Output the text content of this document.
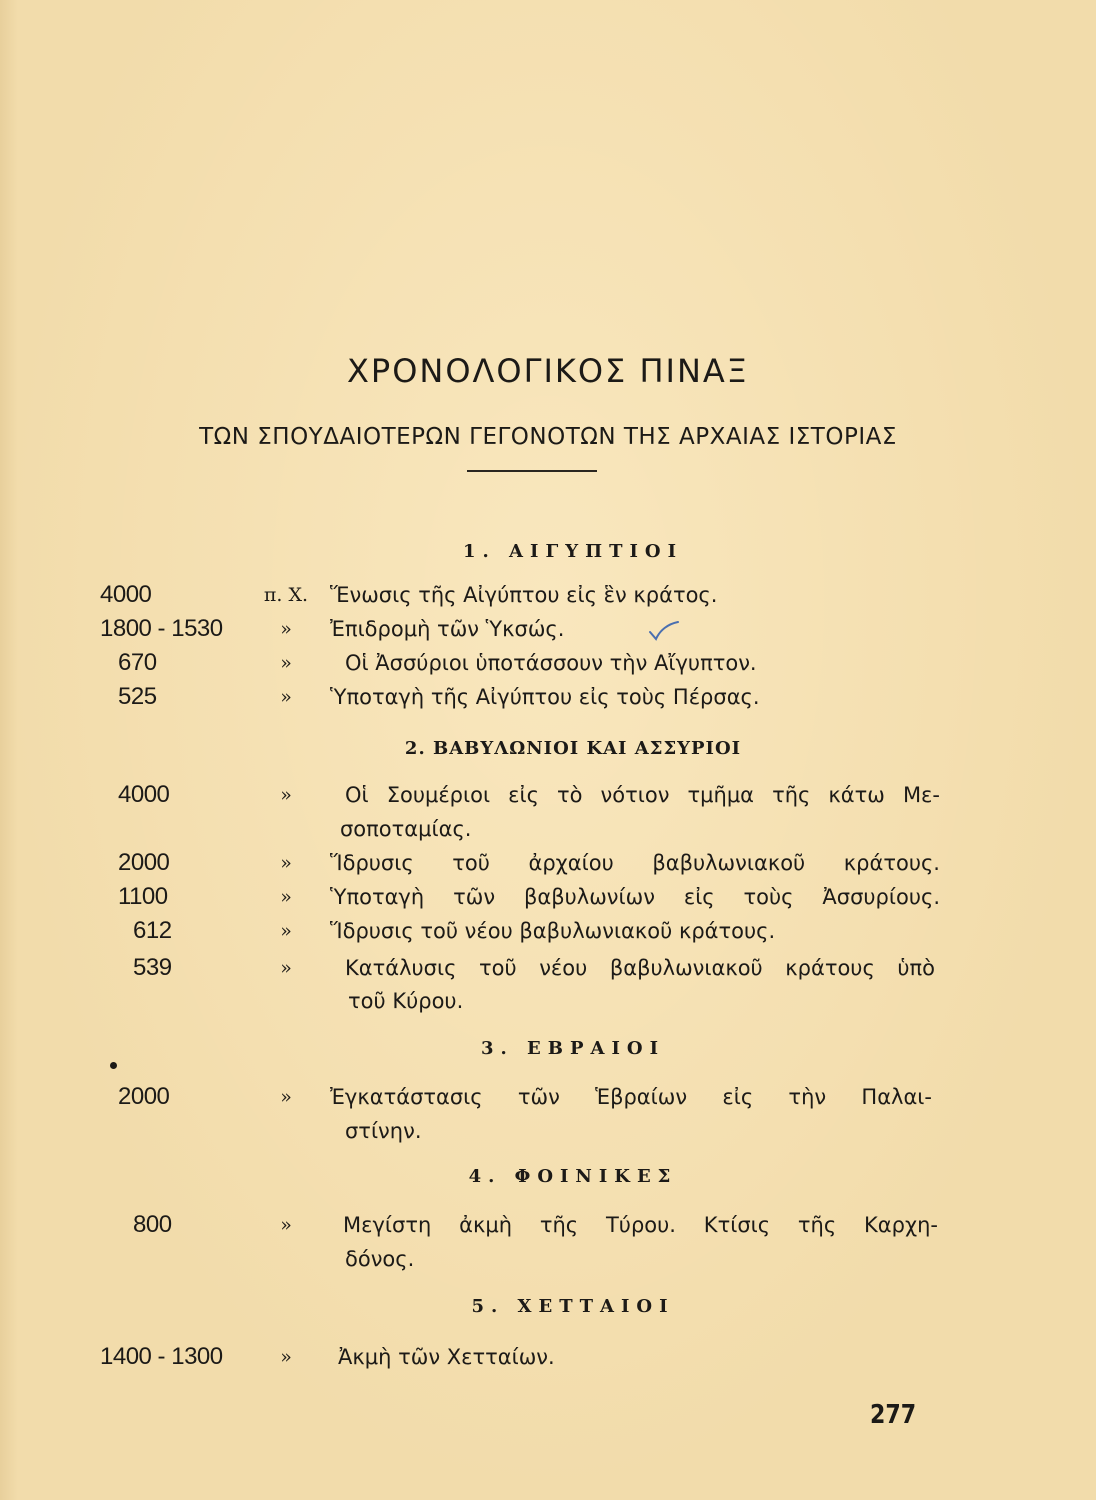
ΧΡΟΝΟΛΟΓΙΚΟΣ ΠΙΝΑΞ
ΤΩΝ ΣΠΟΥΔΑΙΟΤΕΡΩΝ ΓΕΓΟΝΟΤΩΝ ΤΗΣ ΑΡΧΑΙΑΣ ΙΣΤΟΡΙΑΣ
1. ΑΙΓΥΠΤΙΟΙ
4000	π. Χ.	Ἕνωσις τῆς Αἰγύπτου εἰς ἓν κράτος.
1800 - 1530	»	Ἐπιδρομὴ τῶν Ὑκσώς.
670	»	Οἱ Ἀσσύριοι ὑποτάσσουν τὴν Αἴγυπτον.
525	»	Ὑποταγὴ τῆς Αἰγύπτου εἰς τοὺς Πέρσας.
2. ΒΑΒΥΛΩΝΙΟΙ ΚΑΙ ΑΣΣΥΡΙΟΙ
4000	»	Οἱ Σουμέριοι εἰς τὸ νότιον τμῆμα τῆς κάτω Με-
σοποταμίας.
2000	»	Ἵδρυσις τοῦ ἀρχαίου βαβυλωνιακοῦ κράτους.
1100	»	Ὑποταγὴ τῶν βαβυλωνίων εἰς τοὺς Ἀσσυρίους.
612	»	Ἵδρυσις τοῦ νέου βαβυλωνιακοῦ κράτους.
539	»	Κατάλυσις τοῦ νέου βαβυλωνιακοῦ κράτους ὑπὸ
τοῦ Κύρου.
3. ΕΒΡΑΙΟΙ
2000	»	Ἐγκατάστασις τῶν Ἑβραίων εἰς τὴν Παλαι-
στίνην.
4. ΦΟΙΝΙΚΕΣ
800	»	Μεγίστη ἀκμὴ τῆς Τύρου. Κτίσις τῆς Καρχη-
δόνος.
5. ΧΕΤΤΑΙΟΙ
1400 - 1300	»	Ἀκμὴ τῶν Χετταίων.
277
